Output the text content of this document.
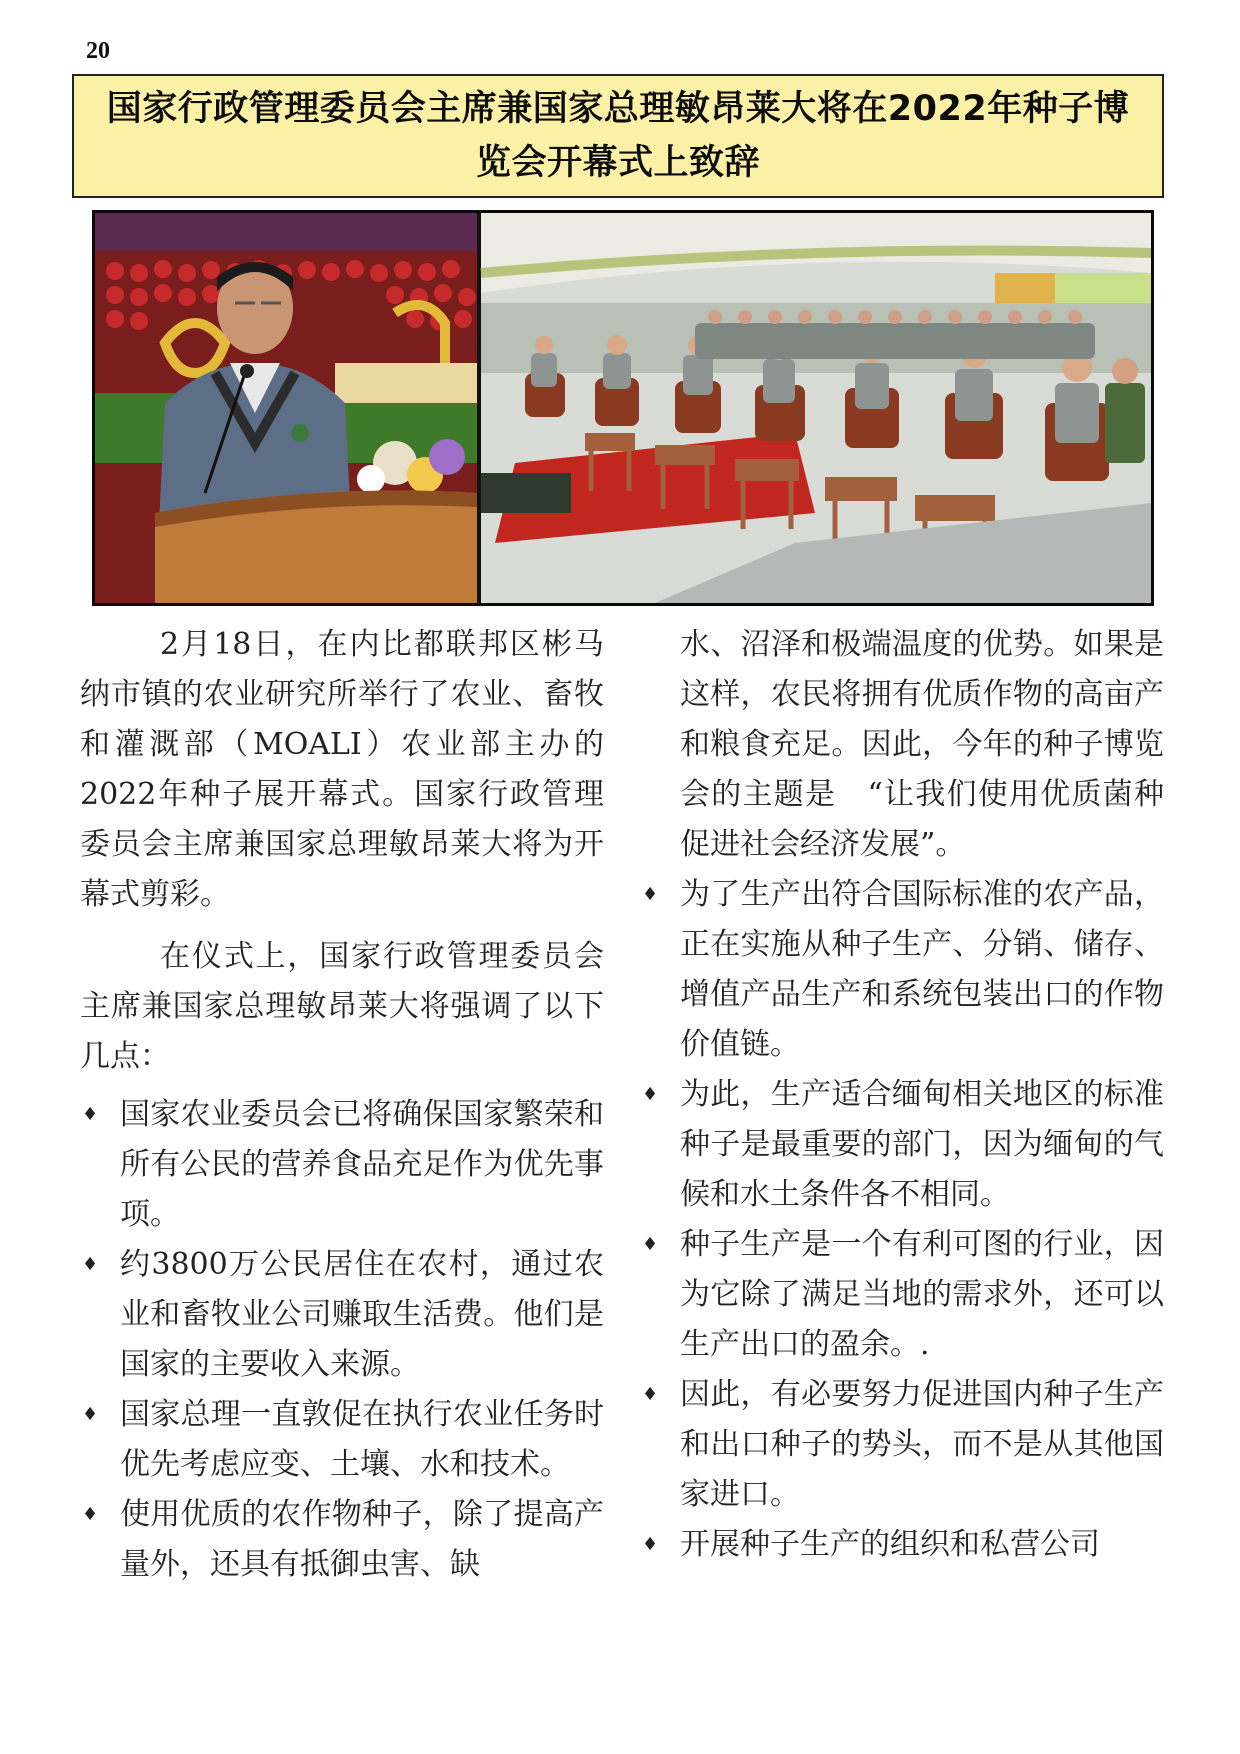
20
国家行政管理委员会主席兼国家总理敏昂莱大将在2022年种子博览会开幕式上致辞

2月18日，在内比都联邦区彬马纳市镇的农业研究所举行了农业、畜牧和灌溉部（MOALI）农业部主办的2022年种子展开幕式。国家行政管理委员会主席兼国家总理敏昂莱大将为开幕式剪彩。

在仪式上，国家行政管理委员会主席兼国家总理敏昂莱大将强调了以下几点：

♦
国家农业委员会已将确保国家繁荣和所有公民的营养食品充足作为优先事项。
♦
约3800万公民居住在农村，通过农业和畜牧业公司赚取生活费。他们是国家的主要收入来源。
♦
国家总理一直敦促在执行农业任务时优先考虑应变、土壤、水和技术。
♦
使用优质的农作物种子，除了提高产量外，还具有抵御虫害、缺

水、沼泽和极端温度的优势。如果是这样，农民将拥有优质作物的高亩产和粮食充足。因此，今年的种子博览会的主题是　“让我们使用优质菌种促进社会经济发展”。

♦
为了生产出符合国际标准的农产品，正在实施从种子生产、分销、储存、增值产品生产和系统包装出口的作物价值链。
♦
为此，生产适合缅甸相关地区的标准种子是最重要的部门，因为缅甸的气候和水土条件各不相同。
♦
种子生产是一个有利可图的行业，因为它除了满足当地的需求外，还可以生产出口的盈余。.
♦
因此，有必要努力促进国内种子生产和出口种子的势头，而不是从其他国家进口。
♦
开展种子生产的组织和私营公司
